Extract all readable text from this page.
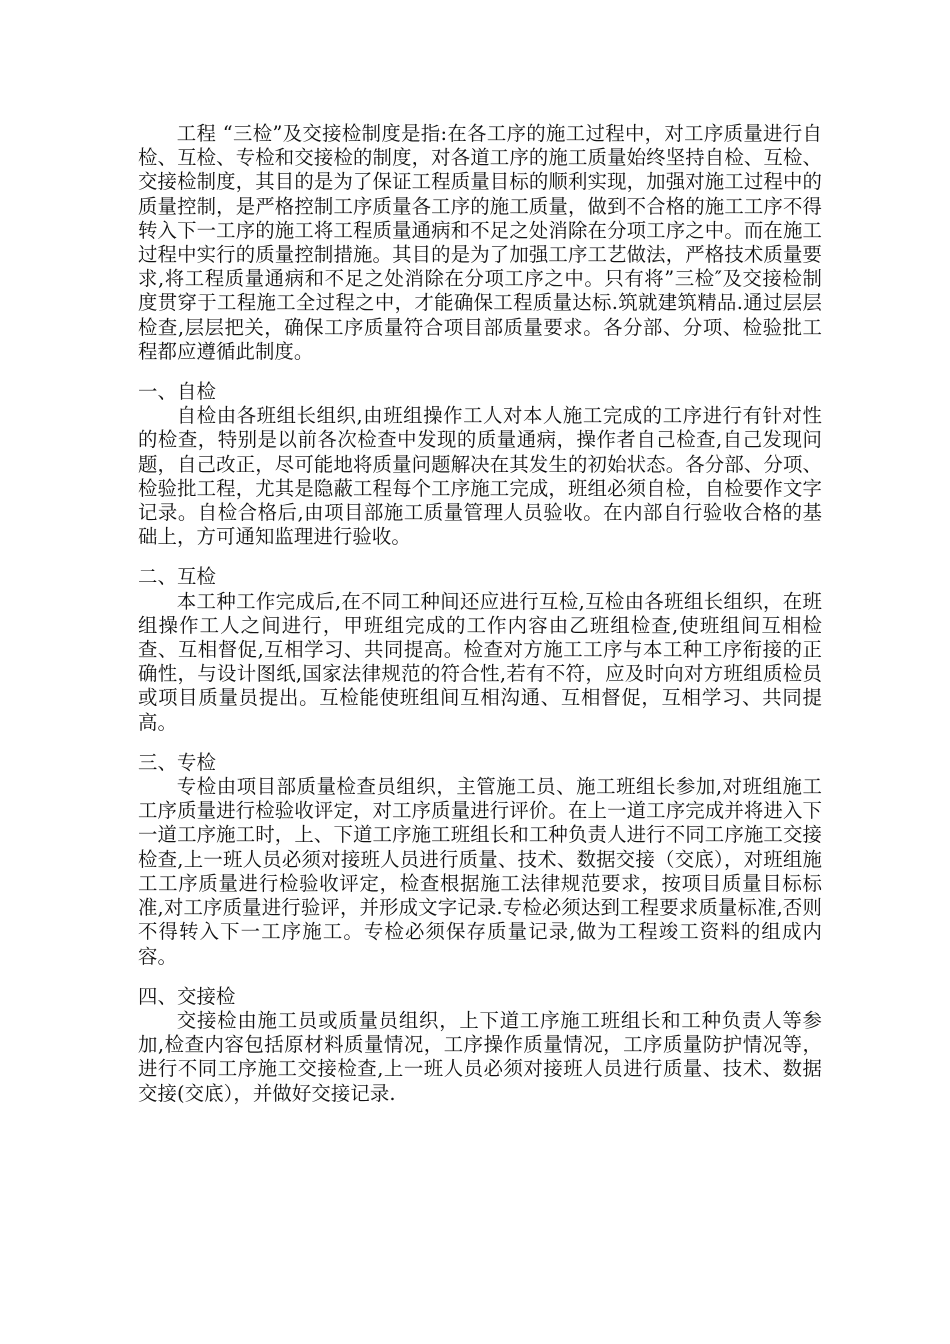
工程 “三检”及交接检制度是指:在各工序的施工过程中，对工序质量进行自检、互检、专检和交接检的制度，对各道工序的施工质量始终坚持自检、互检、交接检制度，其目的是为了保证工程质量目标的顺利实现，加强对施工过程中的质量控制，是严格控制工序质量各工序的施工质量，做到不合格的施工工序不得转入下一工序的施工将工程质量通病和不足之处消除在分项工序之中。而在施工过程中实行的质量控制措施。其目的是为了加强工序工艺做法，严格技术质量要求,将工程质量通病和不足之处消除在分项工序之中。只有将”三检″及交接检制度贯穿于工程施工全过程之中，才能确保工程质量达标.筑就建筑精品.通过层层检查,层层把关，确保工序质量符合项目部质量要求。各分部、分项、检验批工程都应遵循此制度。

一、自检

自检由各班组长组织,由班组操作工人对本人施工完成的工序进行有针对性的检查，特别是以前各次检查中发现的质量通病，操作者自己检查,自己发现问题，自己改正，尽可能地将质量问题解决在其发生的初始状态。各分部、分项、检验批工程，尤其是隐蔽工程每个工序施工完成，班组必须自检，自检要作文字记录。自检合格后,由项目部施工质量管理人员验收。在内部自行验收合格的基础上，方可通知监理进行验收。

二、互检

本工种工作完成后,在不同工种间还应进行互检,互检由各班组长组织，在班组操作工人之间进行，甲班组完成的工作内容由乙班组检查,使班组间互相检查、互相督促,互相学习、共同提高。检查对方施工工序与本工种工序衔接的正确性，与设计图纸,国家法律规范的符合性,若有不符，应及时向对方班组质检员或项目质量员提出。互检能使班组间互相沟通、互相督促，互相学习、共同提高。

三、专检

专检由项目部质量检查员组织，主管施工员、施工班组长参加,对班组施工工序质量进行检验收评定，对工序质量进行评价。在上一道工序完成并将进入下一道工序施工时，上、下道工序施工班组长和工种负责人进行不同工序施工交接检查,上一班人员必须对接班人员进行质量、技术、数据交接（交底），对班组施工工序质量进行检验收评定，检查根据施工法律规范要求，按项目质量目标标准,对工序质量进行验评，并形成文字记录.专检必须达到工程要求质量标准,否则不得转入下一工序施工。专检必须保存质量记录,做为工程竣工资料的组成内容。

四、交接检

交接检由施工员或质量员组织，上下道工序施工班组长和工种负责人等参加,检查内容包括原材料质量情况，工序操作质量情况，工序质量防护情况等，进行不同工序施工交接检查,上一班人员必须对接班人员进行质量、技术、数据交接(交底），并做好交接记录.
